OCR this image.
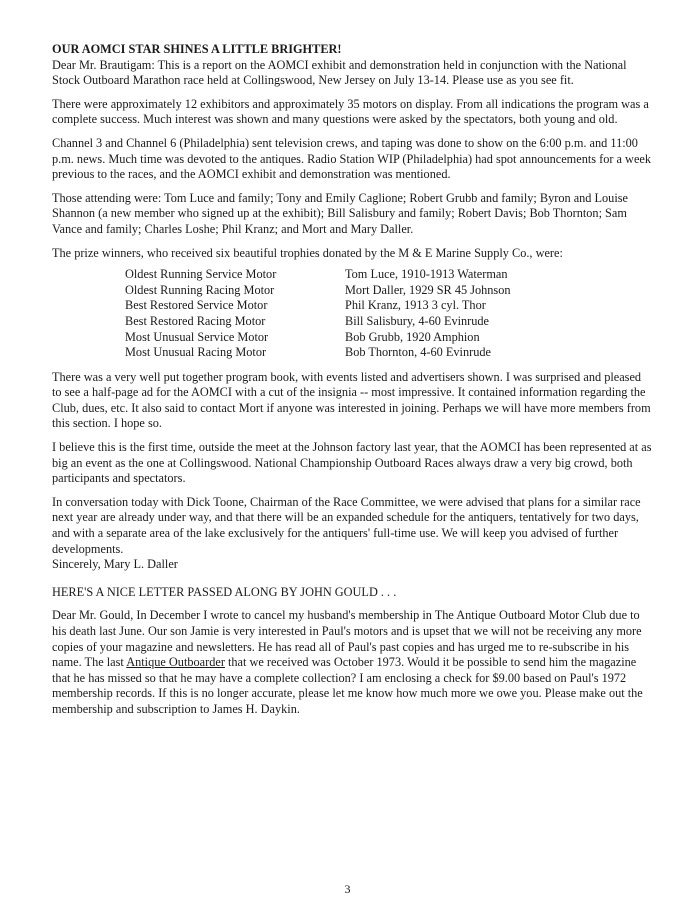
OUR AOMCI STAR SHINES A LITTLE BRIGHTER!

Dear Mr. Brautigam: This is a report on the AOMCI exhibit and demonstration held in conjunction with the National Stock Outboard Marathon race held at Collingswood, New Jersey on July 13-14. Please use as you see fit.

There were approximately 12 exhibitors and approximately 35 motors on display. From all indications the program was a complete success. Much interest was shown and many questions were asked by the spectators, both young and old.

Channel 3 and Channel 6 (Philadelphia) sent television crews, and taping was done to show on the 6:00 p.m. and 11:00 p.m. news. Much time was devoted to the antiques. Radio Station WIP (Philadelphia) had spot announcements for a week previous to the races, and the AOMCI exhibit and demonstration was mentioned.

Those attending were: Tom Luce and family; Tony and Emily Caglione; Robert Grubb and family; Byron and Louise Shannon (a new member who signed up at the exhibit); Bill Salisbury and family; Robert Davis; Bob Thornton; Sam Vance and family; Charles Loshe; Phil Kranz; and Mort and Mary Daller.

The prize winners, who received six beautiful trophies donated by the M & E Marine Supply Co., were:

Oldest Running Service Motor	Tom Luce, 1910-1913 Waterman
Oldest Running Racing Motor	Mort Daller, 1929 SR 45 Johnson
Best Restored Service Motor	Phil Kranz, 1913 3 cyl. Thor
Best Restored Racing Motor	Bill Salisbury, 4-60 Evinrude
Most Unusual Service Motor	Bob Grubb, 1920 Amphion
Most Unusual Racing Motor	Bob Thornton, 4-60 Evinrude

There was a very well put together program book, with events listed and advertisers shown. I was surprised and pleased to see a half-page ad for the AOMCI with a cut of the insignia -- most impressive. It contained information regarding the Club, dues, etc. It also said to contact Mort if anyone was interested in joining. Perhaps we will have more members from this section. I hope so.

I believe this is the first time, outside the meet at the Johnson factory last year, that the AOMCI has been represented at as big an event as the one at Collingswood. National Championship Outboard Races always draw a very big crowd, both participants and spectators.

In conversation today with Dick Toone, Chairman of the Race Committee, we were advised that plans for a similar race next year are already under way, and that there will be an expanded schedule for the antiquers, tentatively for two days, and with a separate area of the lake exclusively for the antiquers' full-time use. We will keep you advised of further developments.

Sincerely, Mary L. Daller
HERE'S A NICE LETTER PASSED ALONG BY JOHN GOULD . . .

Dear Mr. Gould, In December I wrote to cancel my husband's membership in The Antique Outboard Motor Club due to his death last June. Our son Jamie is very interested in Paul's motors and is upset that we will not be receiving any more copies of your magazine and newsletters. He has read all of Paul's past copies and has urged me to re-subscribe in his name. The last Antique Outboarder that we received was October 1973. Would it be possible to send him the magazine that he has missed so that he may have a complete collection? I am enclosing a check for $9.00 based on Paul's 1972 membership records. If this is no longer accurate, please let me know how much more we owe you. Please make out the membership and subscription to James H. Daykin.

3
